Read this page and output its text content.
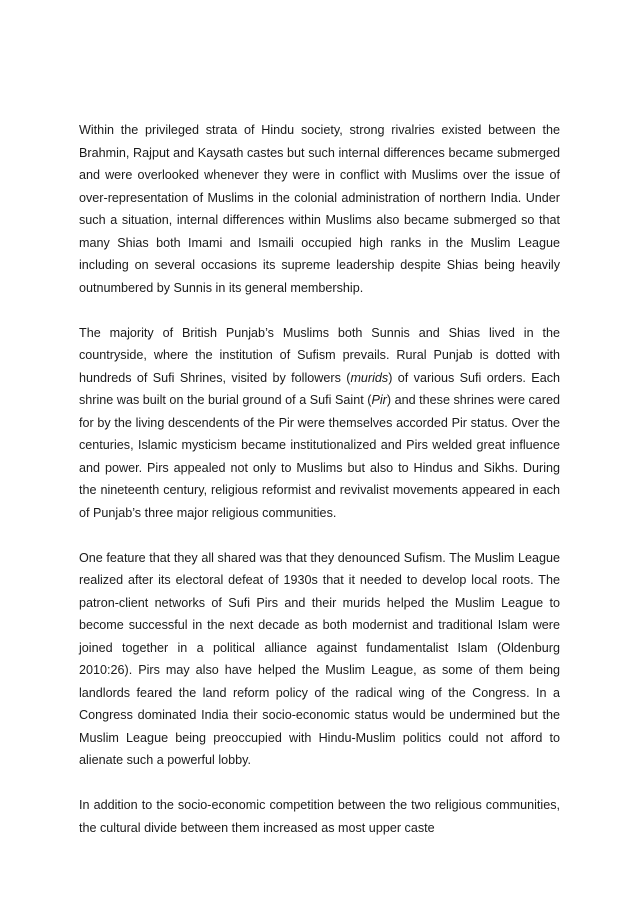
Within the privileged strata of Hindu society, strong rivalries existed between the Brahmin, Rajput and Kaysath castes but such internal differences became submerged and were overlooked whenever they were in conflict with Muslims over the issue of over-representation of Muslims in the colonial administration of northern India. Under such a situation, internal differences within Muslims also became submerged so that many Shias both Imami and Ismaili occupied high ranks in the Muslim League including on several occasions its supreme leadership despite Shias being heavily outnumbered by Sunnis in its general membership.

The majority of British Punjab’s Muslims both Sunnis and Shias lived in the countryside, where the institution of Sufism prevails. Rural Punjab is dotted with hundreds of Sufi Shrines, visited by followers (murids) of various Sufi orders. Each shrine was built on the burial ground of a Sufi Saint (Pir) and these shrines were cared for by the living descendents of the Pir were themselves accorded Pir status. Over the centuries, Islamic mysticism became institutionalized and Pirs welded great influence and power. Pirs appealed not only to Muslims but also to Hindus and Sikhs. During the nineteenth century, religious reformist and revivalist movements appeared in each of Punjab’s three major religious communities.

One feature that they all shared was that they denounced Sufism. The Muslim League realized after its electoral defeat of 1930s that it needed to develop local roots. The patron-client networks of Sufi Pirs and their murids helped the Muslim League to become successful in the next decade as both modernist and traditional Islam were joined together in a political alliance against fundamentalist Islam (Oldenburg 2010:26). Pirs may also have helped the Muslim League, as some of them being landlords feared the land reform policy of the radical wing of the Congress. In a Congress dominated India their socio-economic status would be undermined but the Muslim League being preoccupied with Hindu-Muslim politics could not afford to alienate such a powerful lobby.

In addition to the socio-economic competition between the two religious communities, the cultural divide between them increased as most upper caste
